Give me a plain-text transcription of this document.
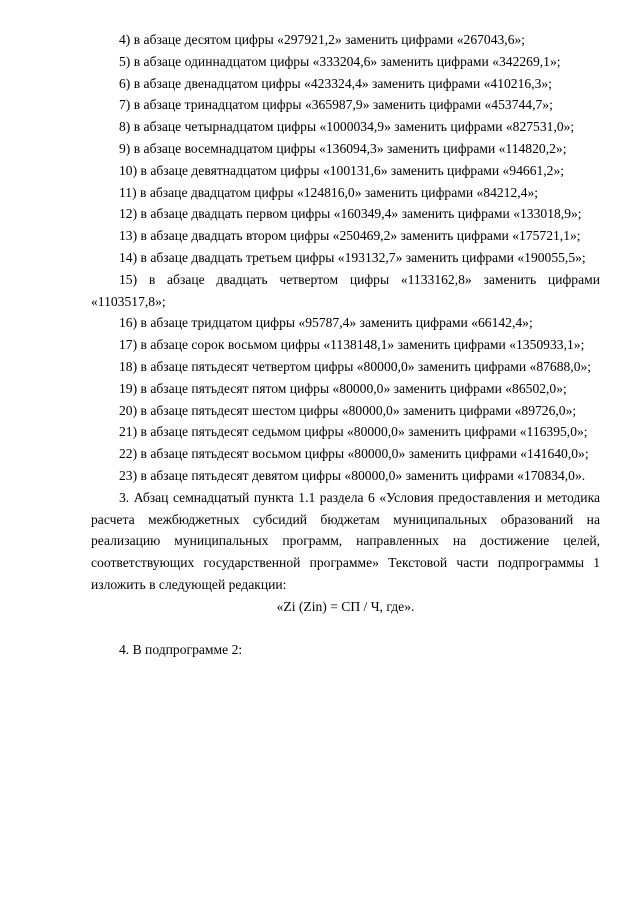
4) в абзаце десятом цифры «297921,2» заменить цифрами «267043,6»;

5) в абзаце одиннадцатом цифры «333204,6» заменить цифрами «342269,1»;

6) в абзаце двенадцатом цифры «423324,4» заменить цифрами «410216,3»;

7) в абзаце тринадцатом цифры «365987,9» заменить цифрами «453744,7»;

8) в абзаце четырнадцатом цифры «1000034,9» заменить цифрами «827531,0»;

9) в абзаце восемнадцатом цифры «136094,3» заменить цифрами «114820,2»;

10) в абзаце девятнадцатом цифры «100131,6» заменить цифрами «94661,2»;

11) в абзаце двадцатом цифры «124816,0» заменить цифрами «84212,4»;

12) в абзаце двадцать первом цифры «160349,4» заменить цифрами «133018,9»;

13) в абзаце двадцать втором цифры «250469,2» заменить цифрами «175721,1»;

14) в абзаце двадцать третьем цифры «193132,7» заменить цифрами «190055,5»;

15) в абзаце двадцать четвертом цифры «1133162,8» заменить цифрами «1103517,8»;

16) в абзаце тридцатом цифры «95787,4» заменить цифрами «66142,4»;

17) в абзаце сорок восьмом цифры «1138148,1» заменить цифрами «1350933,1»;

18) в абзаце пятьдесят четвертом цифры «80000,0» заменить цифрами «87688,0»;

19) в абзаце пятьдесят пятом цифры «80000,0» заменить цифрами «86502,0»;

20) в абзаце пятьдесят шестом цифры «80000,0» заменить цифрами «89726,0»;

21) в абзаце пятьдесят седьмом цифры «80000,0» заменить цифрами «116395,0»;

22) в абзаце пятьдесят восьмом цифры «80000,0» заменить цифрами «141640,0»;

23) в абзаце пятьдесят девятом цифры «80000,0» заменить цифрами «170834,0».

3. Абзац семнадцатый пункта 1.1 раздела 6 «Условия предоставления и методика расчета межбюджетных субсидий бюджетам муниципальных образований на реализацию муниципальных программ, направленных на достижение целей, соответствующих государственной программе» Текстовой части подпрограммы 1 изложить в следующей редакции:

«Zi (Zin) = СП / Ч, где».

4. В подпрограмме 2:
